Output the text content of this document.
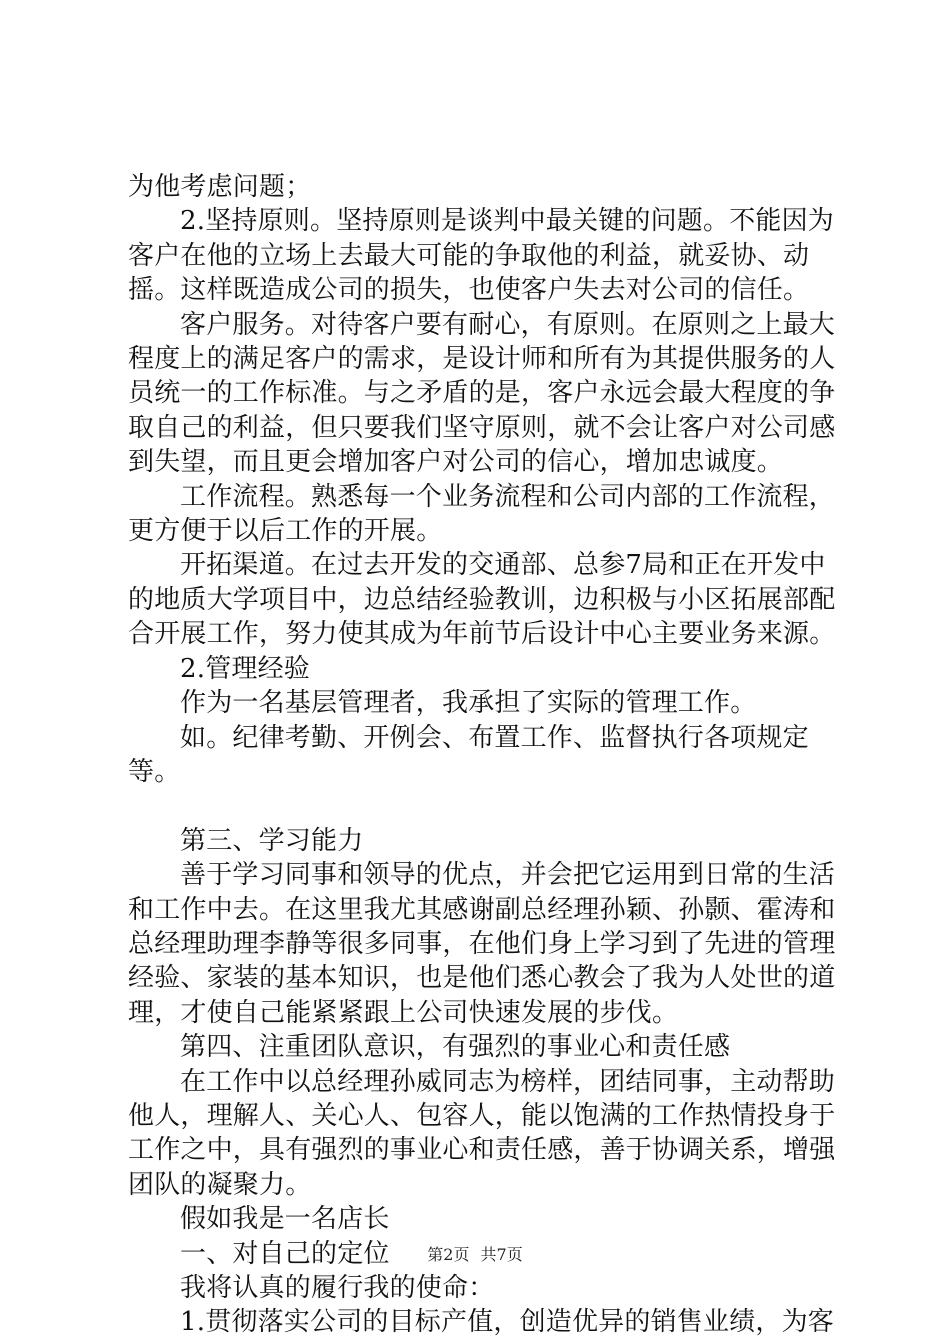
为他考虑问题；

2.坚持原则。坚持原则是谈判中最关键的问题。不能因为客户在他的立场上去最大可能的争取他的利益，就妥协、动摇。这样既造成公司的损失，也使客户失去对公司的信任。

客户服务。对待客户要有耐心，有原则。在原则之上最大程度上的满足客户的需求，是设计师和所有为其提供服务的人员统一的工作标准。与之矛盾的是，客户永远会最大程度的争取自己的利益，但只要我们坚守原则，就不会让客户对公司感到失望，而且更会增加客户对公司的信心，增加忠诚度。

工作流程。熟悉每一个业务流程和公司内部的工作流程，更方便于以后工作的开展。

开拓渠道。在过去开发的交通部、总参7局和正在开发中的地质大学项目中，边总结经验教训，边积极与小区拓展部配合开展工作，努力使其成为年前节后设计中心主要业务来源。

2.管理经验

作为一名基层管理者，我承担了实际的管理工作。

如。纪律考勤、开例会、布置工作、监督执行各项规定等。

第三、学习能力

善于学习同事和领导的优点，并会把它运用到日常的生活和工作中去。在这里我尤其感谢副总经理孙颖、孙颢、霍涛和总经理助理李静等很多同事，在他们身上学习到了先进的管理经验、家装的基本知识，也是他们悉心教会了我为人处世的道理，才使自己能紧紧跟上公司快速发展的步伐。

第四、注重团队意识，有强烈的事业心和责任感

在工作中以总经理孙威同志为榜样，团结同事，主动帮助他人，理解人、关心人、包容人，能以饱满的工作热情投身于工作之中，具有强烈的事业心和责任感，善于协调关系，增强团队的凝聚力。

假如我是一名店长

一、对自己的定位

我将认真的履行我的使命：

1.贯彻落实公司的目标产值，创造优异的销售业绩，为客

第2页 共7页
